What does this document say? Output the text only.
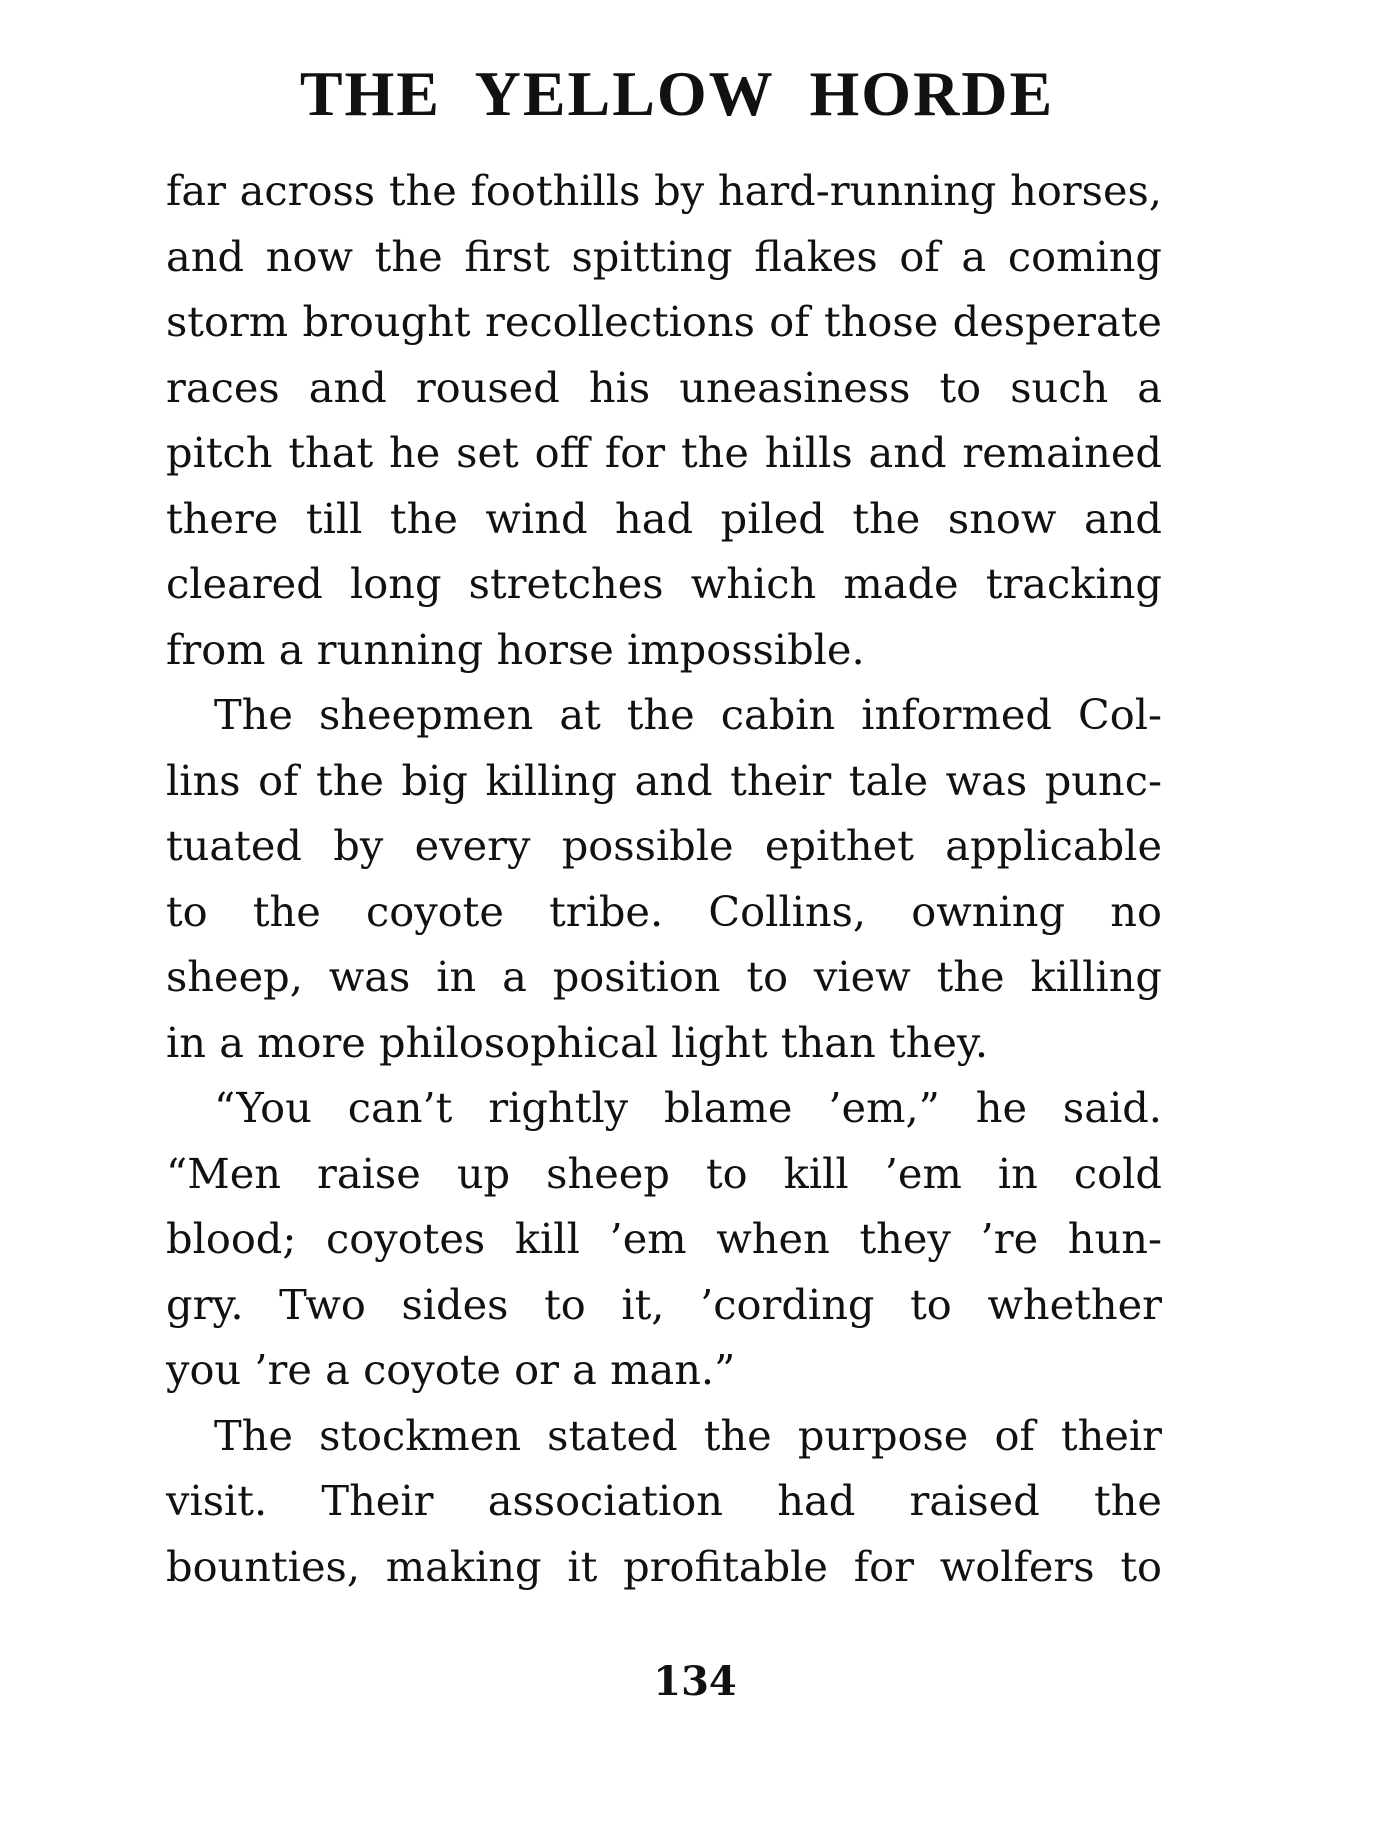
THE YELLOW HORDE
far across the foothills by hard-running horses,
and now the first spitting flakes of a coming
storm brought recollections of those desperate
races and roused his uneasiness to such a
pitch that he set off for the hills and remained
there till the wind had piled the snow and
cleared long stretches which made tracking
from a running horse impossible.
The sheepmen at the cabin informed Col-
lins of the big killing and their tale was punc-
tuated by every possible epithet applicable
to the coyote tribe. Collins, owning no
sheep, was in a position to view the killing
in a more philosophical light than they.
“You can’t rightly blame ’em,” he said.
“Men raise up sheep to kill ’em in cold
blood; coyotes kill ’em when they ’re hun-
gry. Two sides to it, ’cording to whether
you ’re a coyote or a man.”
The stockmen stated the purpose of their
visit. Their association had raised the
bounties, making it profitable for wolfers to
134
